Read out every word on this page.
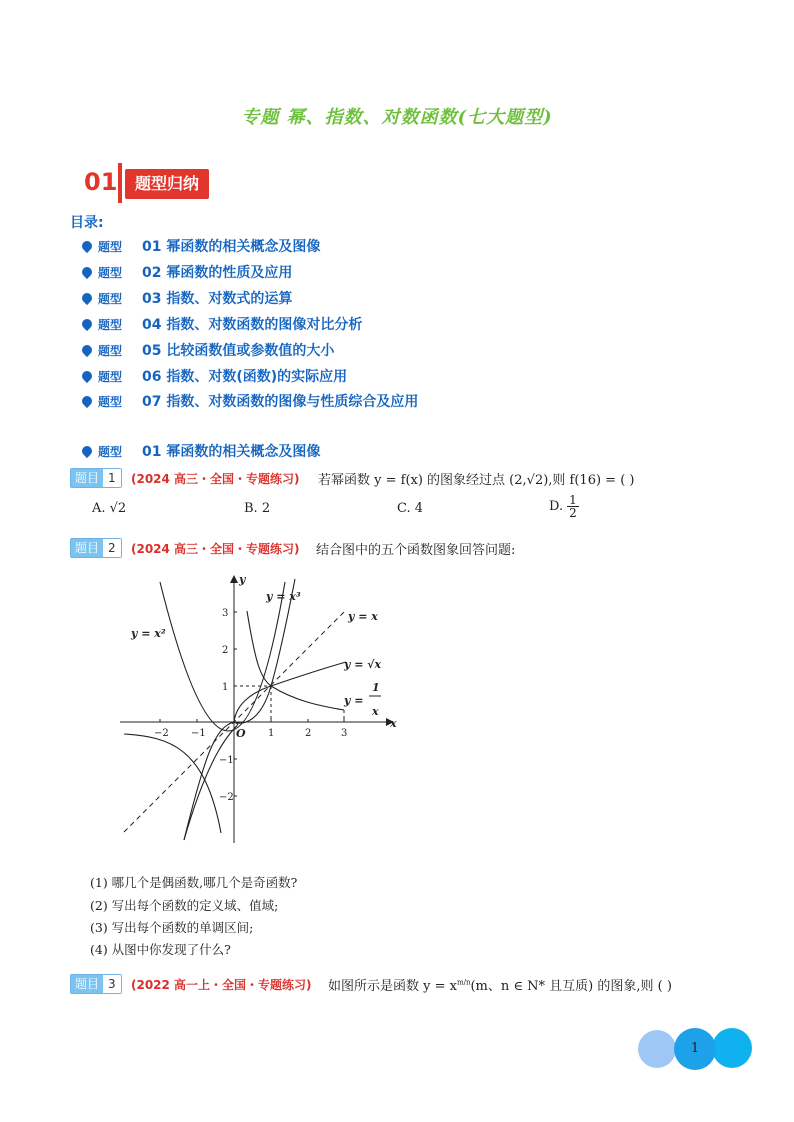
专题 幂、指数、对数函数(七大题型)
01	题型归纳
目录:
题型 01 幂函数的相关概念及图像
题型 02 幂函数的性质及应用
题型 03 指数、对数式的运算
题型 04 指数、对数函数的图像对比分析
题型 05 比较函数值或参数值的大小
题型 06 指数、对数(函数)的实际应用
题型 07 指数、对数函数的图像与性质综合及应用
题型 01 幂函数的相关概念及图像
题目 1	(2024 高三・全国・专题练习) 若幂函数 y = f(x) 的图象经过点 (2,√2),则 f(16) = ( )
A. √2	B. 2	C. 4	D. 1
2
题目 2	(2024 高三・全国・专题练习) 结合图中的五个函数图象回答问题:
−2 −1	1	2	3
3
2
1
−1
−2
x
y
O
y = x²
y = x³
y = x
y = √x
y =
1
x
(1) 哪几个是偶函数,哪几个是奇函数?
(2) 写出每个函数的定义域、值域;
(3) 写出每个函数的单调区间;
(4) 从图中你发现了什么?
题目 3	(2022 高一上・全国・专题练习) 如图所示是函数 $y = x^{m/n}(m$、n ∈ N* 且互质) 的图象,则 ( )
1
